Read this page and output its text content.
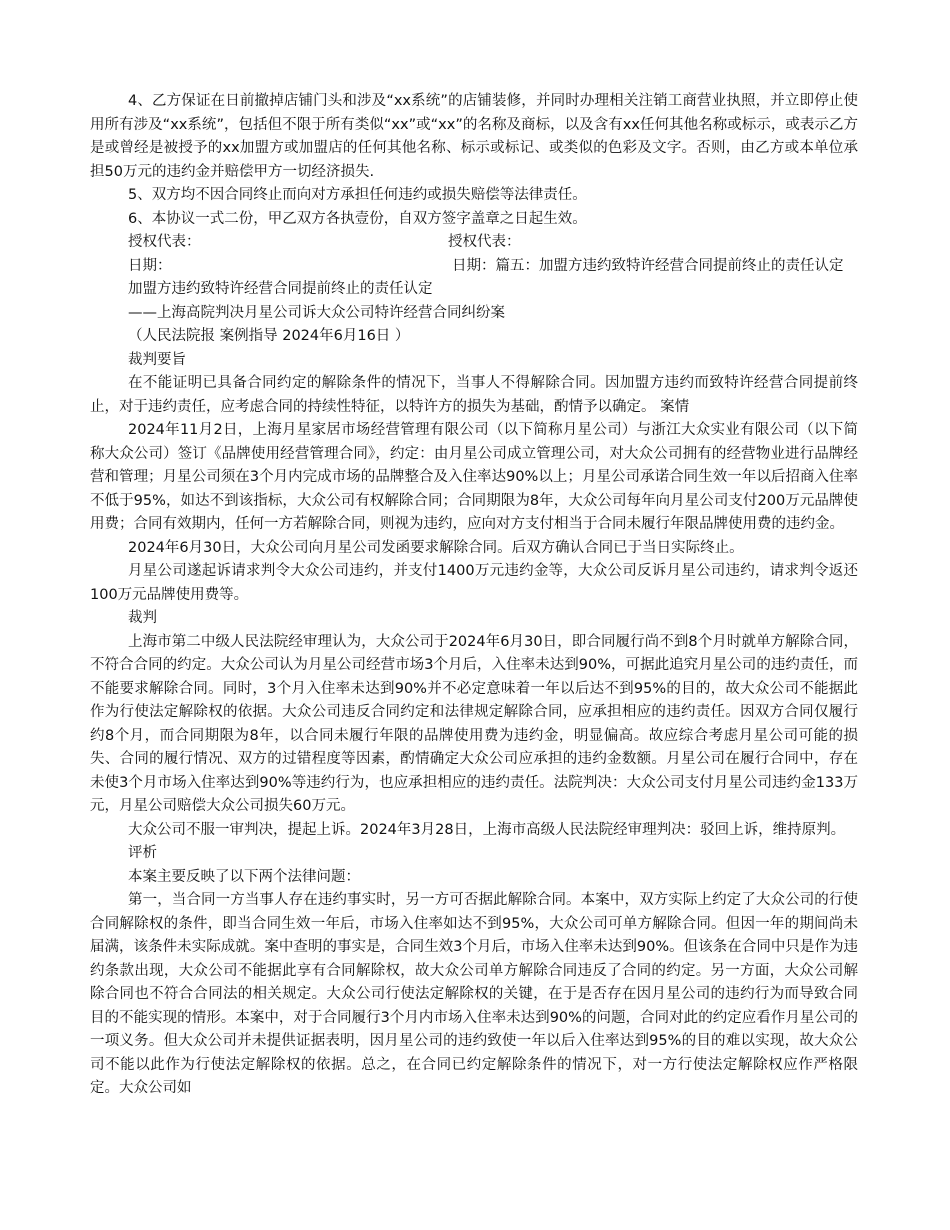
4、乙方保证在日前撤掉店铺门头和涉及“xx系统”的店铺装修，并同时办理相关注销工商营业执照，并立即停止使用所有涉及“xx系统”，包括但不限于所有类似“xx”或“xx”的名称及商标，以及含有xx任何其他名称或标示，或表示乙方是或曾经是被授予的xx加盟方或加盟店的任何其他名称、标示或标记、或类似的色彩及文字。否则，由乙方或本单位承担50万元的违约金并赔偿甲方一切经济损失.

5、双方均不因合同终止而向对方承担任何违约或损失赔偿等法律责任。

6、本协议一式二份，甲乙双方各执壹份，自双方签字盖章之日起生效。

授权代表：	授权代表：

日期：	日期：篇五：加盟方违约致特许经营合同提前终止的责任认定

加盟方违约致特许经营合同提前终止的责任认定

——上海高院判决月星公司诉大众公司特许经营合同纠纷案

（人民法院报 案例指导 2024年6月16日 ）

裁判要旨

在不能证明已具备合同约定的解除条件的情况下，当事人不得解除合同。因加盟方违约而致特许经营合同提前终止，对于违约责任，应考虑合同的持续性特征，以特许方的损失为基础，酌情予以确定。 案情

2024年11月2日，上海月星家居市场经营管理有限公司（以下简称月星公司）与浙江大众实业有限公司（以下简称大众公司）签订《品牌使用经营管理合同》，约定：由月星公司成立管理公司，对大众公司拥有的经营物业进行品牌经营和管理；月星公司须在3个月内完成市场的品牌整合及入住率达90%以上；月星公司承诺合同生效一年以后招商入住率不低于95%，如达不到该指标，大众公司有权解除合同；合同期限为8年，大众公司每年向月星公司支付200万元品牌使用费；合同有效期内，任何一方若解除合同，则视为违约，应向对方支付相当于合同未履行年限品牌使用费的违约金。

2024年6月30日，大众公司向月星公司发函要求解除合同。后双方确认合同已于当日实际终止。

月星公司遂起诉请求判令大众公司违约，并支付1400万元违约金等，大众公司反诉月星公司违约，请求判令返还100万元品牌使用费等。

裁判

上海市第二中级人民法院经审理认为，大众公司于2024年6月30日，即合同履行尚不到8个月时就单方解除合同，不符合合同的约定。大众公司认为月星公司经营市场3个月后，入住率未达到90%，可据此追究月星公司的违约责任，而不能要求解除合同。同时，3个月入住率未达到90%并不必定意味着一年以后达不到95%的目的，故大众公司不能据此作为行使法定解除权的依据。大众公司违反合同约定和法律规定解除合同，应承担相应的违约责任。因双方合同仅履行约8个月，而合同期限为8年，以合同未履行年限的品牌使用费为违约金，明显偏高。故应综合考虑月星公司可能的损失、合同的履行情况、双方的过错程度等因素，酌情确定大众公司应承担的违约金数额。月星公司在履行合同中，存在未使3个月市场入住率达到90%等违约行为，也应承担相应的违约责任。法院判决：大众公司支付月星公司违约金133万元，月星公司赔偿大众公司损失60万元。

大众公司不服一审判决，提起上诉。2024年3月28日，上海市高级人民法院经审理判决：驳回上诉，维持原判。

评析

本案主要反映了以下两个法律问题：

第一，当合同一方当事人存在违约事实时，另一方可否据此解除合同。本案中，双方实际上约定了大众公司的行使合同解除权的条件，即当合同生效一年后，市场入住率如达不到95%，大众公司可单方解除合同。但因一年的期间尚未届满，该条件未实际成就。案中查明的事实是，合同生效3个月后，市场入住率未达到90%。但该条在合同中只是作为违约条款出现，大众公司不能据此享有合同解除权，故大众公司单方解除合同违反了合同的约定。另一方面，大众公司解除合同也不符合合同法的相关规定。大众公司行使法定解除权的关键，在于是否存在因月星公司的违约行为而导致合同目的不能实现的情形。本案中，对于合同履行3个月内市场入住率未达到90%的问题，合同对此的约定应看作月星公司的一项义务。但大众公司并未提供证据表明，因月星公司的违约致使一年以后入住率达到95%的目的难以实现，故大众公司不能以此作为行使法定解除权的依据。总之，在合同已约定解除条件的情况下，对一方行使法定解除权应作严格限定。大众公司如
